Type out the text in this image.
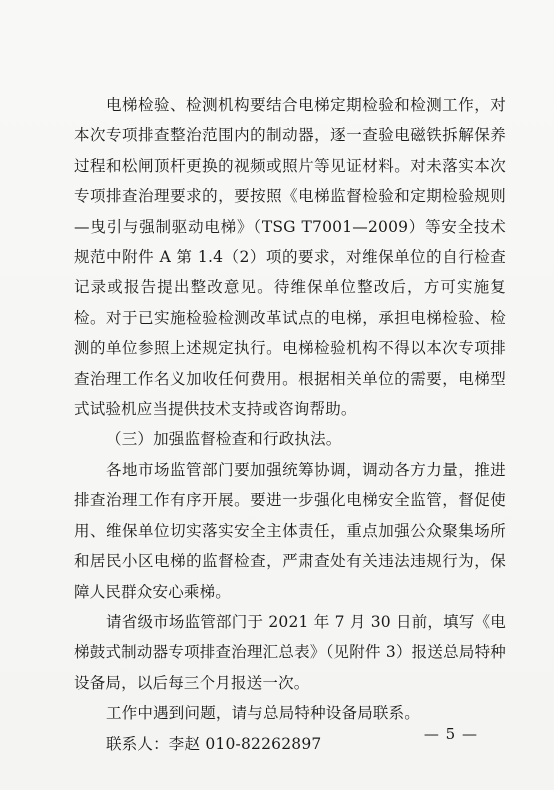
电梯检验、检测机构要结合电梯定期检验和检测工作，对本次专项排查整治范围内的制动器，逐一查验电磁铁拆解保养过程和松闸顶杆更换的视频或照片等见证材料。对未落实本次专项排查治理要求的，要按照《电梯监督检验和定期检验规则—曳引与强制驱动电梯》（TSG T7001—2009）等安全技术规范中附件 A 第 1.4（2）项的要求，对维保单位的自行检查记录或报告提出整改意见。待维保单位整改后，方可实施复检。对于已实施检验检测改革试点的电梯，承担电梯检验、检测的单位参照上述规定执行。电梯检验机构不得以本次专项排查治理工作名义加收任何费用。根据相关单位的需要，电梯型式试验机应当提供技术支持或咨询帮助。

（三）加强监督检查和行政执法。

各地市场监管部门要加强统筹协调，调动各方力量，推进排查治理工作有序开展。要进一步强化电梯安全监管，督促使用、维保单位切实落实安全主体责任，重点加强公众聚集场所和居民小区电梯的监督检查，严肃查处有关违法违规行为，保障人民群众安心乘梯。

请省级市场监管部门于 2021 年 7 月 30 日前，填写《电梯鼓式制动器专项排查治理汇总表》（见附件 3）报送总局特种设备局，以后每三个月报送一次。

工作中遇到问题，请与总局特种设备局联系。

联系人：李赵 010-82262897

— 5 —
